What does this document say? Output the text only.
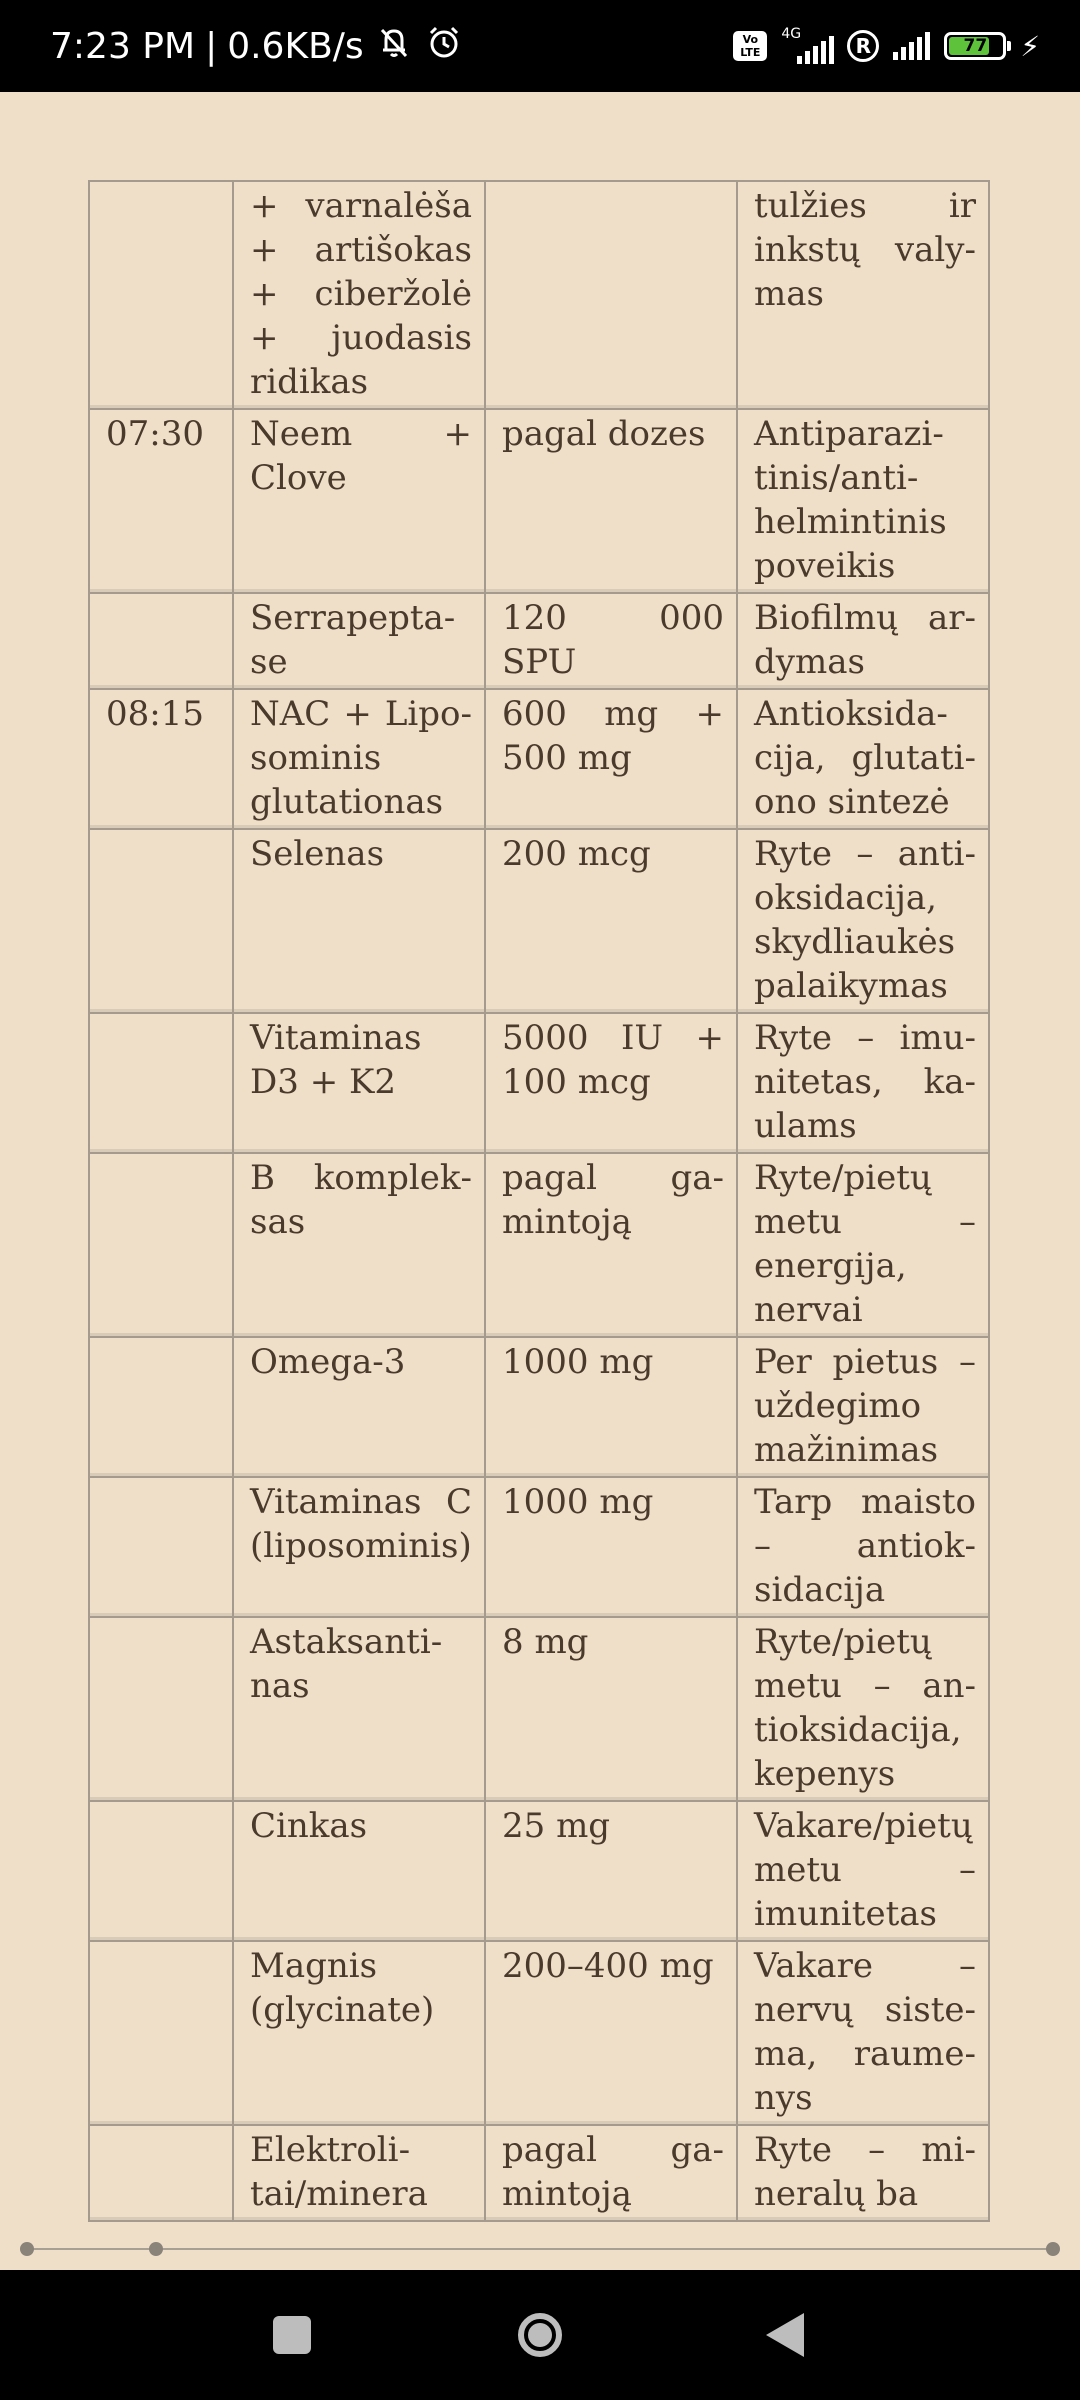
7:23 PM | 0.6KB/s	Vo
LTE
4G	R	77	⚡
	+ varnalėša + artišokas + ciberžolė + juodasis ridikas		tulžies ir inkstų valymas
07:30	Neem + Clove	pagal dozes	Antiparazitinis/antihelmintinis poveikis
	Serrapeptase	120 000 SPU	Biofilmų ardymas
08:15	NAC + Liposominis glutationas	600 mg + 500 mg	Antioksidacija, glutationo sintezė
	Selenas	200 mcg	Ryte – antioksidacija, skydliaukės palaikymas
	Vitaminas D3 + K2	5000 IU + 100 mcg	Ryte – imunitetas, kaulams
	B kompleksas	pagal gamintoją	Ryte/pietų metu – energija, nervai
	Omega-3	1000 mg	Per pietus – uždegimo mažinimas
	Vitaminas C (liposominis)	1000 mg	Tarp maisto – antioksidacija
	Astaksantinas	8 mg	Ryte/pietų metu – antioksidacija, kepenys
	Cinkas	25 mg	Vakare/pietų metu – imunitetas
	Magnis (glycinate)	200–400 mg	Vakare – nervų sistema, raumenys
	Elektrolitai/minera	pagal gamintoją	Ryte – mineralų ba
